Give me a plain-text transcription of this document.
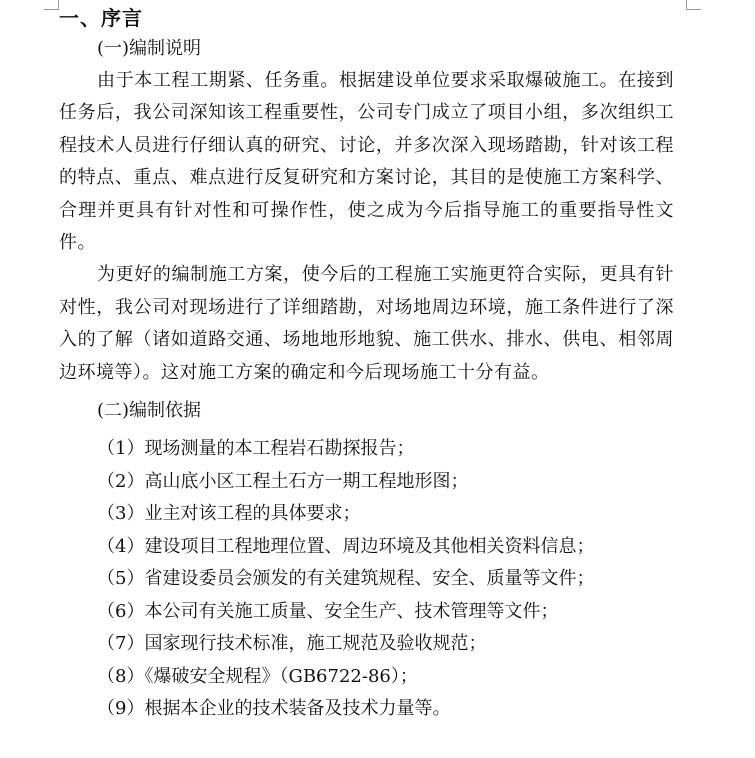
一、序言

(一)编制说明

由于本工程工期紧、任务重。根据建设单位要求采取爆破施工。在接到任务后，我公司深知该工程重要性，公司专门成立了项目小组，多次组织工程技术人员进行仔细认真的研究、讨论，并多次深入现场踏勘，针对该工程的特点、重点、难点进行反复研究和方案讨论，其目的是使施工方案科学、合理并更具有针对性和可操作性，使之成为今后指导施工的重要指导性文件。

为更好的编制施工方案，使今后的工程施工实施更符合实际，更具有针对性，我公司对现场进行了详细踏勘，对场地周边环境，施工条件进行了深入的了解（诸如道路交通、场地地形地貌、施工供水、排水、供电、相邻周边环境等）。这对施工方案的确定和今后现场施工十分有益。

(二)编制依据

（1）现场测量的本工程岩石勘探报告；
（2）高山底小区工程土石方一期工程地形图；
（3）业主对该工程的具体要求；
（4）建设项目工程地理位置、周边环境及其他相关资料信息；
（5）省建设委员会颁发的有关建筑规程、安全、质量等文件；
（6）本公司有关施工质量、安全生产、技术管理等文件；
（7）国家现行技术标准，施工规范及验收规范；
（8）《爆破安全规程》（GB6722-86）；
（9）根据本企业的技术装备及技术力量等。
